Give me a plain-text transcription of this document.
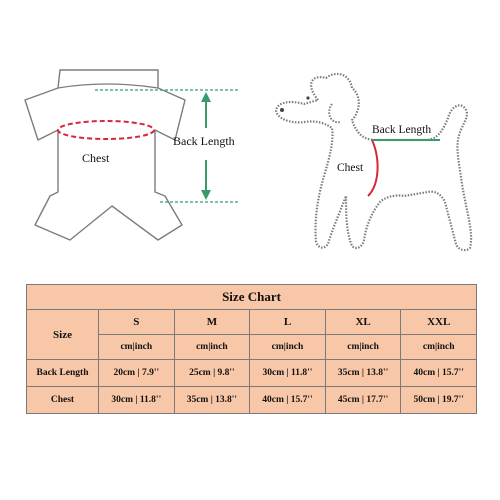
Chest
Back Length
Chest
Back Length
Size Chart					
Size	S	M	L	XL	XXL
	cm|inch	cm|inch	cm|inch	cm|inch	cm|inch
Back Length	20cm | 7.9''	25cm | 9.8''	30cm | 11.8''	35cm | 13.8''	40cm | 15.7''
Chest	30cm | 11.8''	35cm | 13.8''	40cm | 15.7''	45cm | 17.7''	50cm | 19.7''
